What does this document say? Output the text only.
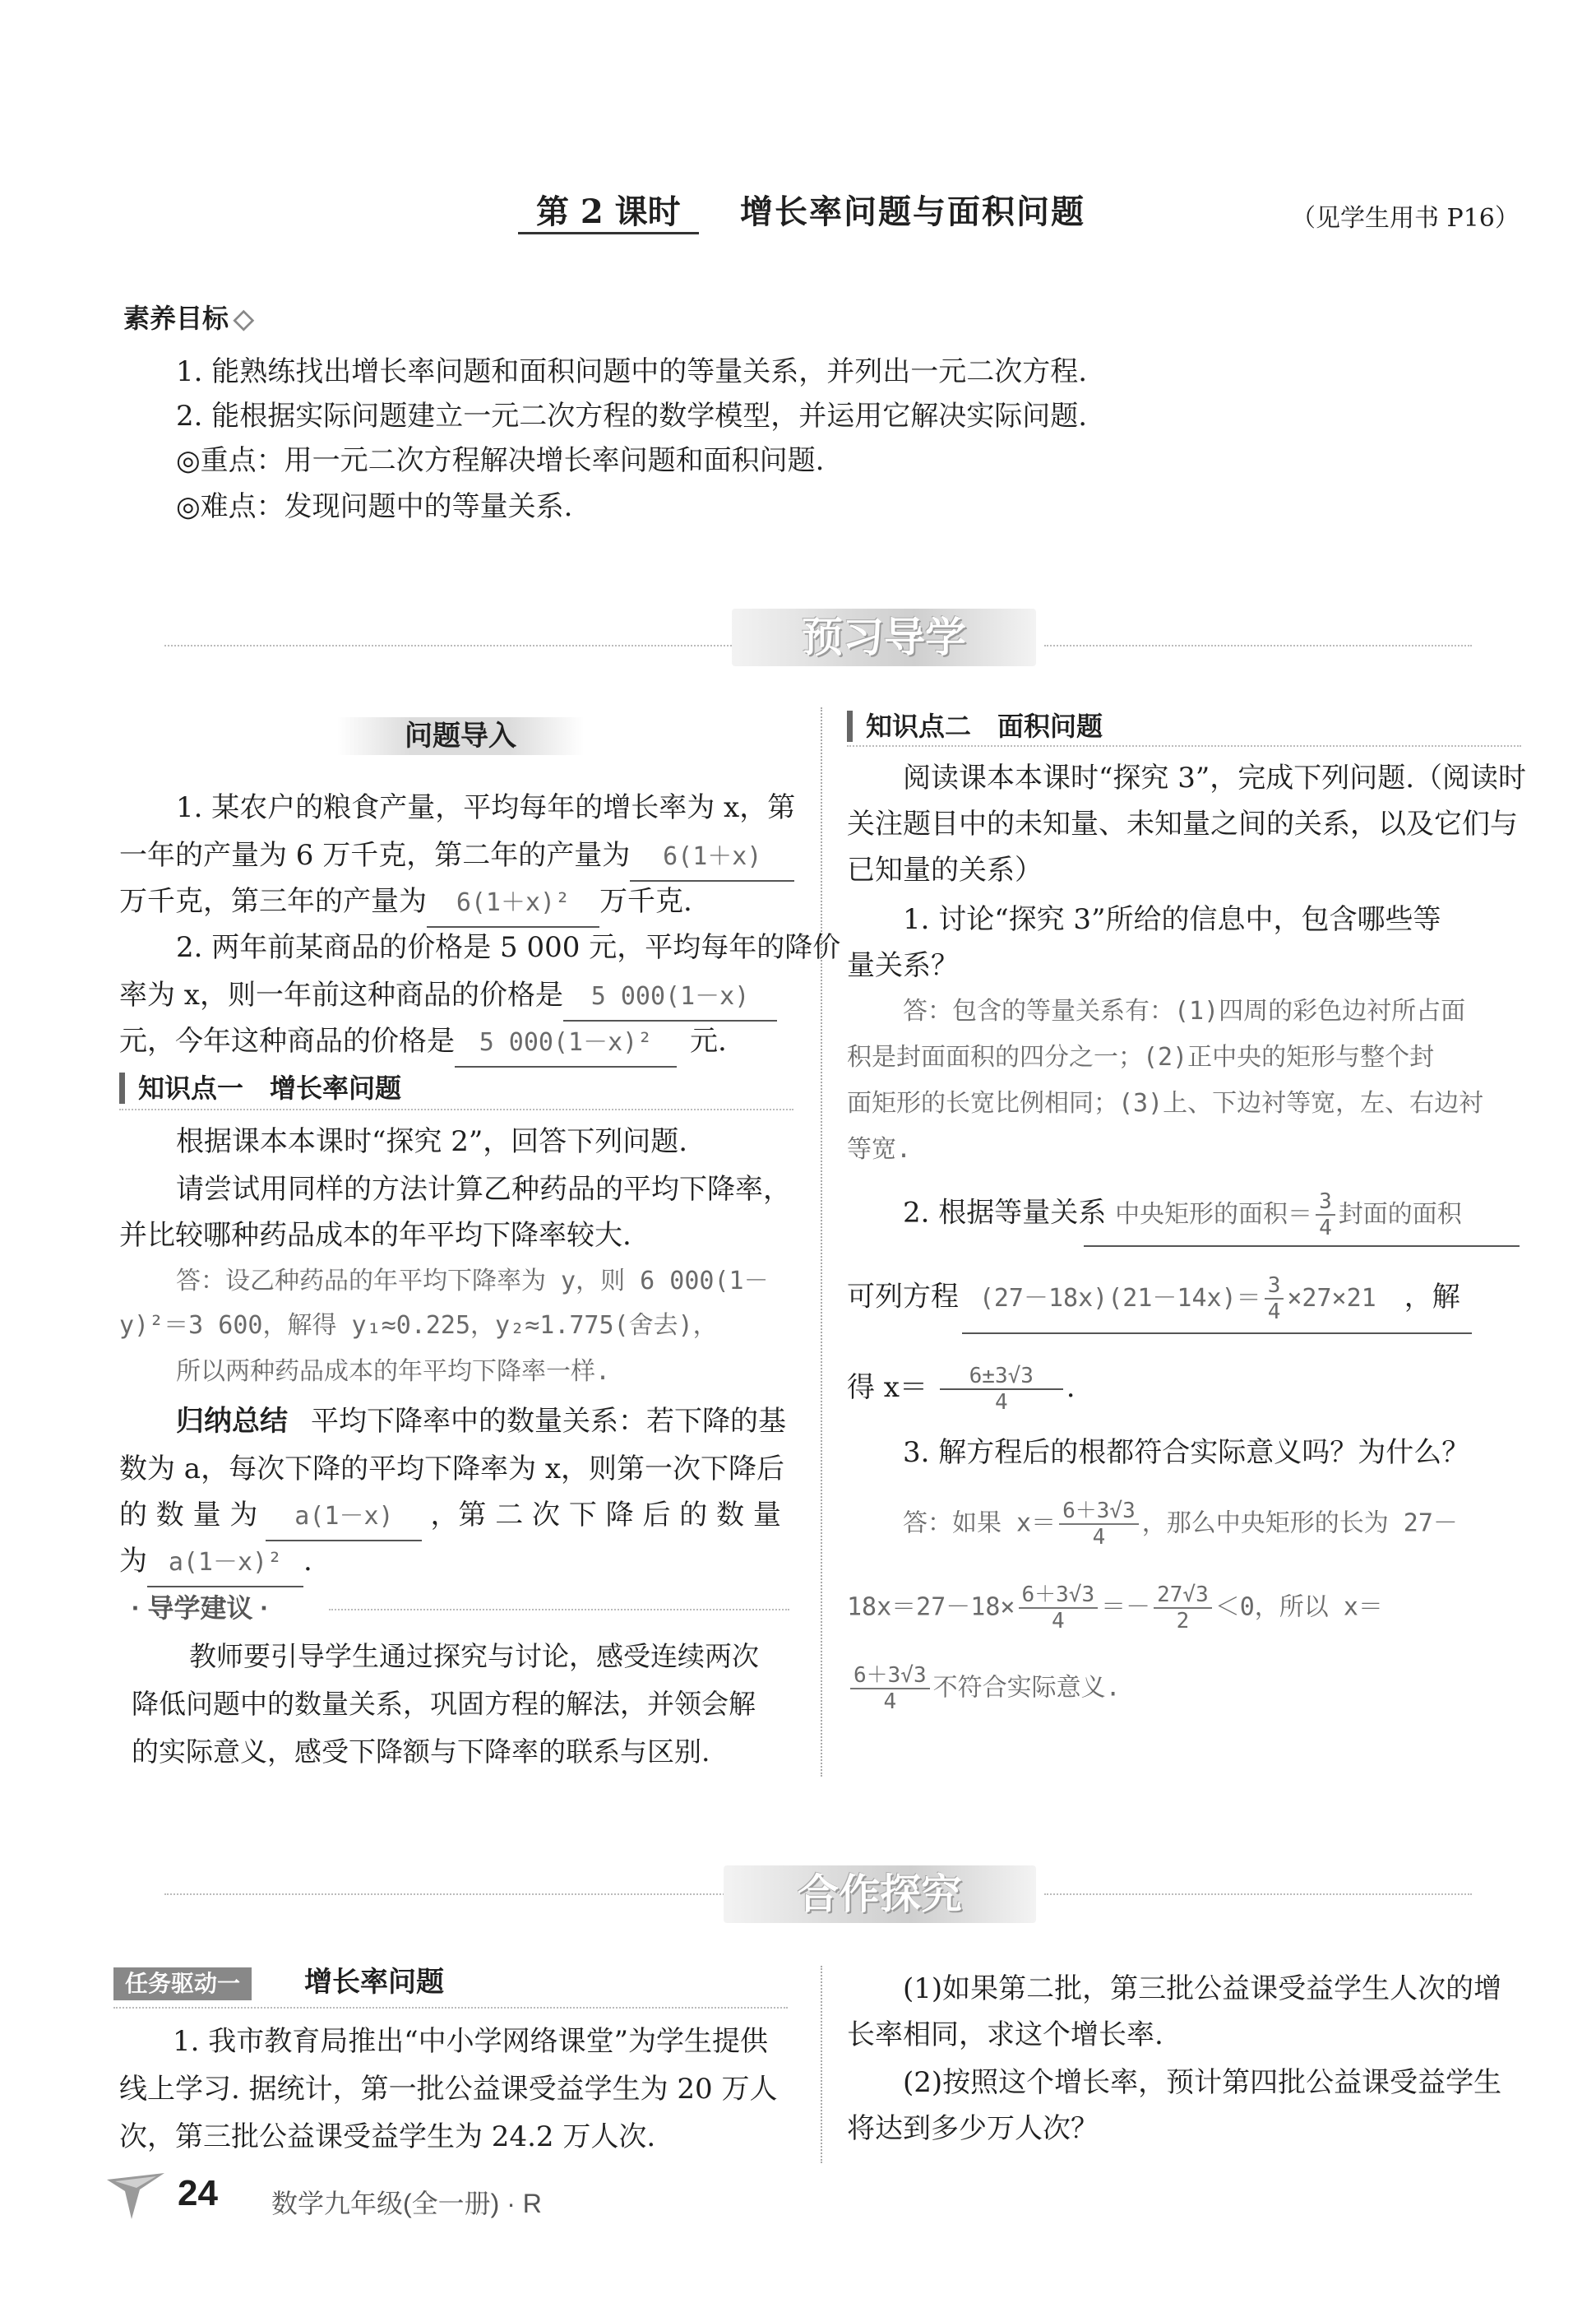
第 2 课时 增长率问题与面积问题	（见学生用书 P16）
素养目标 ◇
1. 能熟练找出增长率问题和面积问题中的等量关系，并列出一元二次方程.
2. 能根据实际问题建立一元二次方程的数学模型，并运用它解决实际问题.
◎重点：用一元二次方程解决增长率问题和面积问题.
◎难点：发现问题中的等量关系.
预习导学
问题导入
1. 某农户的粮食产量，平均每年的增长率为 x，第
一年的产量为 6 万千克，第二年的产量为 6(1＋x)
万千克，第三年的产量为 6(1＋x)² 万千克.
2. 两年前某商品的价格是 5 000 元，平均每年的降价
率为 x，则一年前这种商品的价格是 5 000(1－x)
元，今年这种商品的价格是 5 000(1－x)² 元.
知识点一　增长率问题
根据课本本课时“探究 2”，回答下列问题.
请尝试用同样的方法计算乙种药品的平均下降率，
并比较哪种药品成本的年平均下降率较大.
答：设乙种药品的年平均下降率为 y，则 6 000(1－
y)²＝3 600，解得 y₁≈0.225，y₂≈1.775(舍去)，
所以两种药品成本的年平均下降率一样.
归纳总结 平均下降率中的数量关系：若下降的基
数为 a，每次下降的平均下降率为 x，则第一次下降后
的 数 量 为 a(1－x) ，第 二 次 下 降 后 的 数 量
为 a(1－x)² .
· 导学建议 ·
教师要引导学生通过探究与讨论，感受连续两次
降低问题中的数量关系，巩固方程的解法，并领会解
的实际意义，感受下降额与下降率的联系与区别.
知识点二　面积问题
阅读课本本课时“探究 3”，完成下列问题.（阅读时
关注题目中的未知量、未知量之间的关系，以及它们与
已知量的关系）
1. 讨论“探究 3”所给的信息中，包含哪些等
量关系？
答：包含的等量关系有：(1)四周的彩色边衬所占面
积是封面面积的四分之一；(2)正中央的矩形与整个封
面矩形的长宽比例相同；(3)上、下边衬等宽，左、右边衬
等宽.
2. 根据等量关系 中央矩形的面积＝ $\frac{3}{4}$ 封面的面积
可列方程 $(27-18x)(21-14x)= \frac{3}{4} \times 27\times 21$ ，解
得 $x= \frac{6\pm 3√3}{4}$ .
3. 解方程后的根都符合实际意义吗？为什么？
答：如果 $x= \frac{6+3√3}{4}$ ，那么中央矩形的长为 27－
$18x=27-18\times \frac{6+3√3}{4} =- \frac{27√3}{2} <0$，所以 x＝
$\frac{6+3√3}{4}$ 不符合实际意义.
合作探究
任务驱动一	增长率问题
1. 我市教育局推出“中小学网络课堂”为学生提供
线上学习. 据统计，第一批公益课受益学生为 20 万人
次，第三批公益课受益学生为 24.2 万人次.
(1)如果第二批，第三批公益课受益学生人次的增
长率相同，求这个增长率.
(2)按照这个增长率，预计第四批公益课受益学生
将达到多少万人次？
24 数学九年级(全一册) · R
